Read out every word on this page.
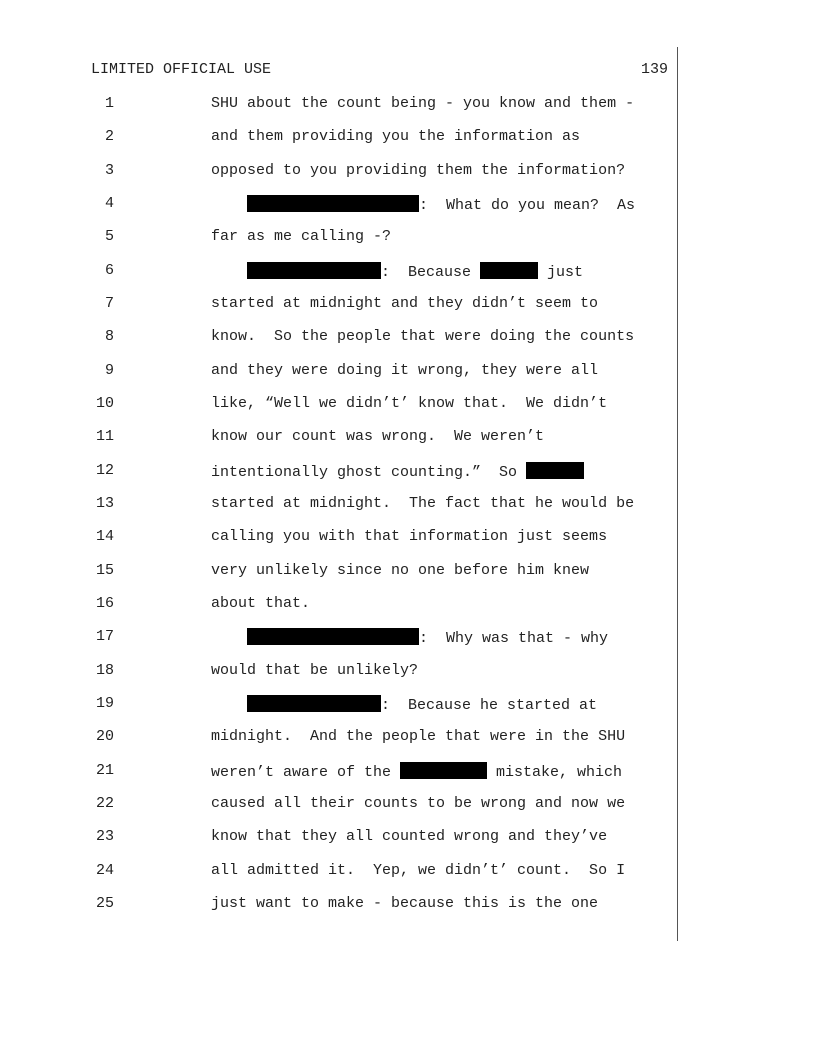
LIMITED OFFICIAL USE	139
1	SHU about the count being - you know and them -
2	and them providing you the information as
3	opposed to you providing them the information?
4	:  What do you mean?  As
5	far as me calling -?
6	:  Because	just
7	started at midnight and they didn’t seem to
8	know.  So the people that were doing the counts
9	and they were doing it wrong, they were all
10	like, “Well we didn’t’ know that.  We didn’t
11	know our count was wrong.  We weren’t
12	intentionally ghost counting.”  So
13	started at midnight.  The fact that he would be
14	calling you with that information just seems
15	very unlikely since no one before him knew
16	about that.
17	:  Why was that - why
18	would that be unlikely?
19	:  Because he started at
20	midnight.  And the people that were in the SHU
21	weren’t aware of the	mistake, which
22	caused all their counts to be wrong and now we
23	know that they all counted wrong and they’ve
24	all admitted it.  Yep, we didn’t’ count.  So I
25	just want to make - because this is the one
